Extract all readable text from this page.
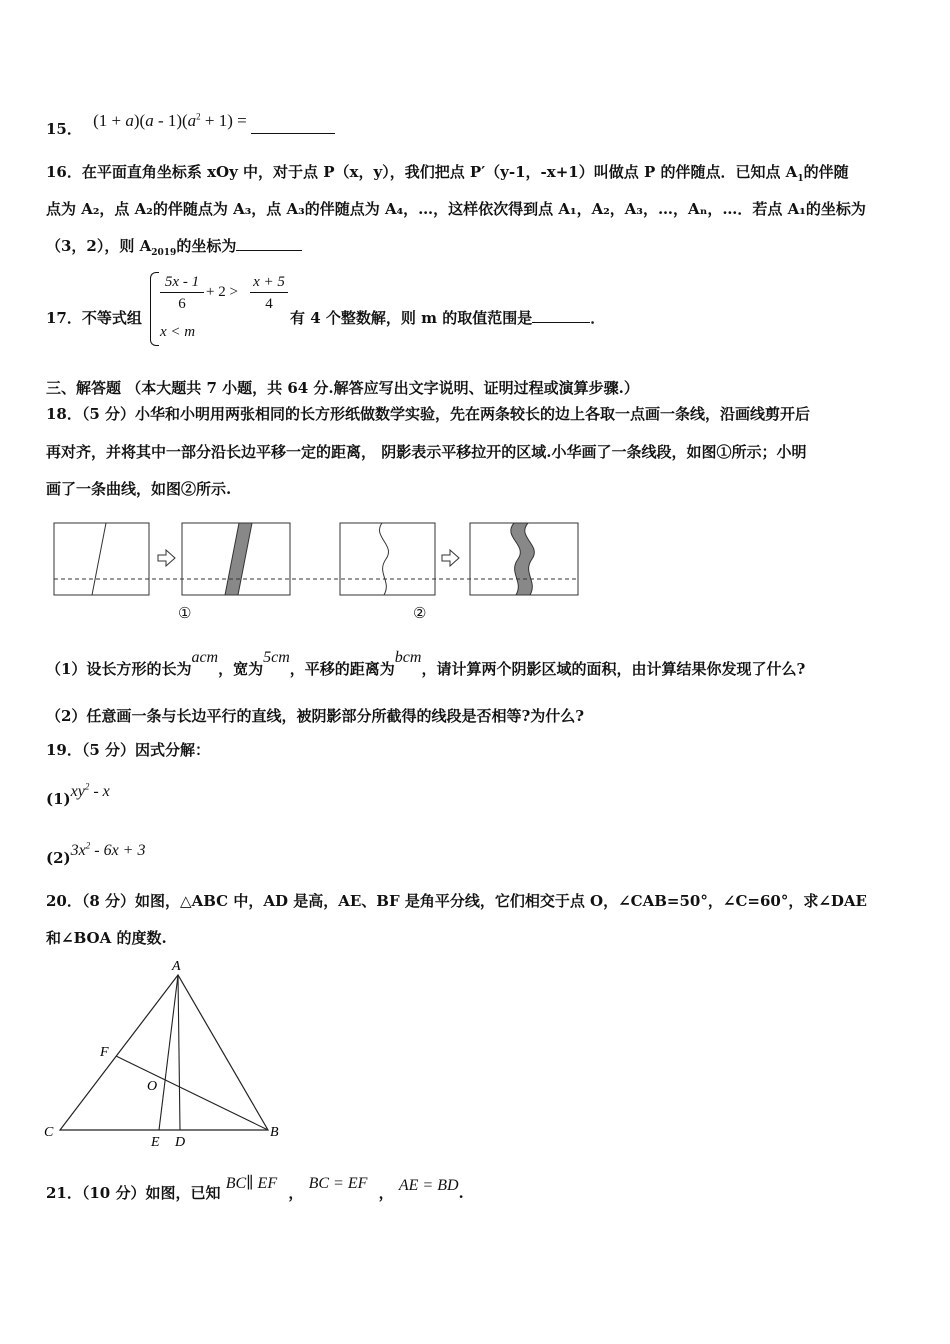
15． $(1 + a)(a - 1)(a^2 + 1)$ =
16．在平面直角坐标系 xOy 中，对于点 P（x，y），我们把点 P′（y-1，-x+1）叫做点 P 的伴随点．已知点 $A_1$的伴随
点为 A₂，点 A₂的伴随点为 A₃，点 A₃的伴随点为 A₄，…，这样依次得到点 A₁，A₂，A₃，…，Aₙ，…．若点 A₁的坐标为
（3，2），则 $A_{2019}$的坐标为
17．不等式组
$\frac{5x - 1}{6} + 2 > \frac{x + 5}{4}$
x < m
有 4 个整数解，则 m 的取值范围是	．
三、解答题 （本大题共 7 小题，共 64 分.解答应写出文字说明、证明过程或演算步骤.）
18．（5 分）小华和小明用两张相同的长方形纸做数学实验，先在两条较长的边上各取一点画一条线，沿画线剪开后
再对齐，并将其中一部分沿长边平移一定的距离， 阴影表示平移拉开的区域.小华画了一条线段，如图①所示；小明
画了一条曲线，如图②所示.
①	②
（1）设长方形的长为acm，宽为5cm，平移的距离为bcm，请计算两个阴影区域的面积，由计算结果你发现了什么?
（2）任意画一条与长边平行的直线，被阴影部分所截得的线段是否相等?为什么?
19．（5 分）因式分解：
$(1)xy^2$ - x
$(2)3x^2 - 6x + 3$
20．（8 分）如图，△ABC 中，AD 是高，AE、BF 是角平分线，它们相交于点 O，∠CAB=50°，∠C=60°，求∠DAE
和∠BOA 的度数.
A
C	B
E D
F
O
21．（10 分）如图，已知 BC∥ EF ， BC = EF ， AE = BD.
